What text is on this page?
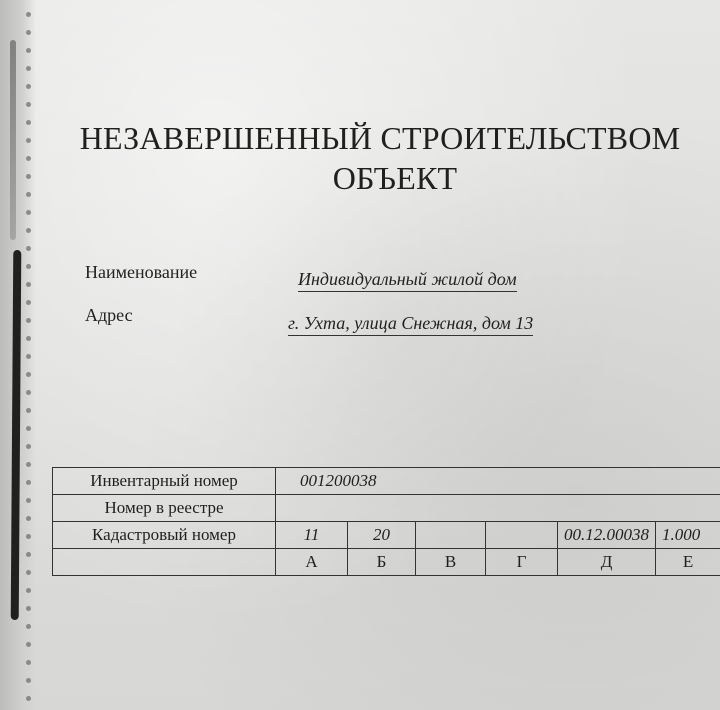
НЕЗАВЕРШЕННЫЙ СТРОИТЕЛЬСТВОМ
ОБЪЕКТ
Наименование	Индивидуальный жилой дом
Адрес	г. Ухта, улица Снежная, дом 13
Инвентарный номер	001200038					
Номер в реестре						
Кадастровый номер	11	20			00.12.00038	1.000
	А	Б	В	Г	Д	Е
